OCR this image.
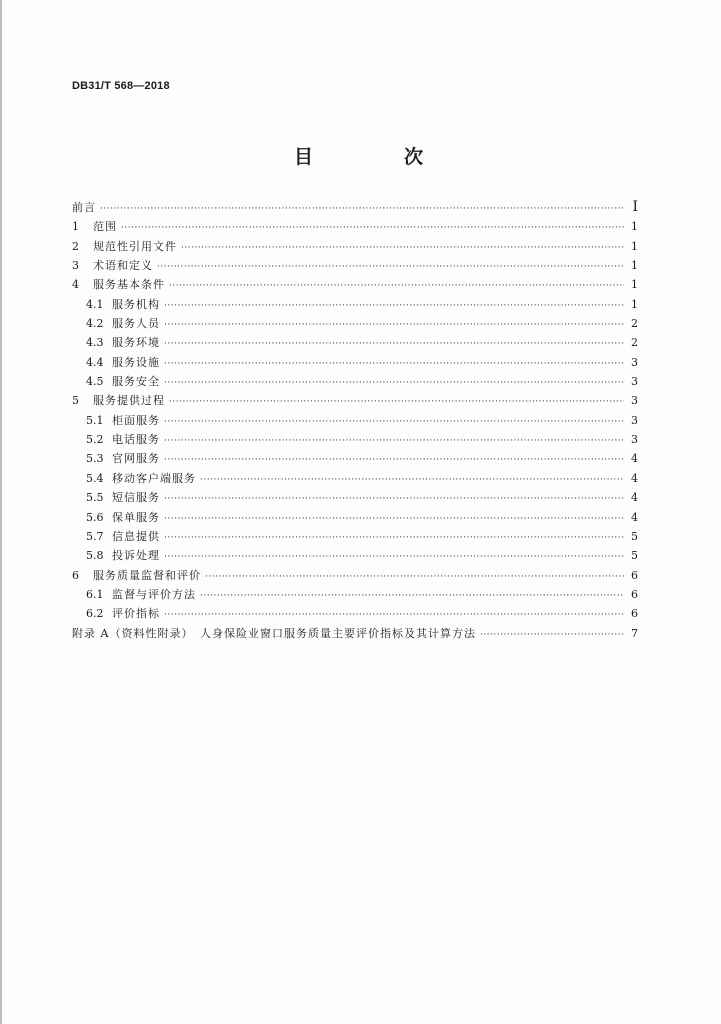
DB31/T 568—2018
目　次
前言 ·····	Ⅰ
1	范围 ·····	1
2	规范性引用文件 ·····	1
3	术语和定义 ·····	1
4	服务基本条件 ·····	1
4.1 服务机构 ·····	1
4.2 服务人员 ·····	2
4.3 服务环境 ·····	2
4.4 服务设施 ·····	3
4.5 服务安全 ·····	3
5	服务提供过程 ·····	3
5.1 柜面服务 ·····	3
5.2 电话服务 ·····	3
5.3 官网服务 ·····	4
5.4 移动客户端服务 ·····	4
5.5 短信服务 ·····	4
5.6 保单服务 ·····	4
5.7 信息提供 ·····	5
5.8 投诉处理 ·····	5
6	服务质量监督和评价 ·····	6
6.1 监督与评价方法 ·····	6
6.2 评价指标 ·····	6
附录 A（资料性附录）　人身保险业窗口服务质量主要评价指标及其计算方法 ·····	7
